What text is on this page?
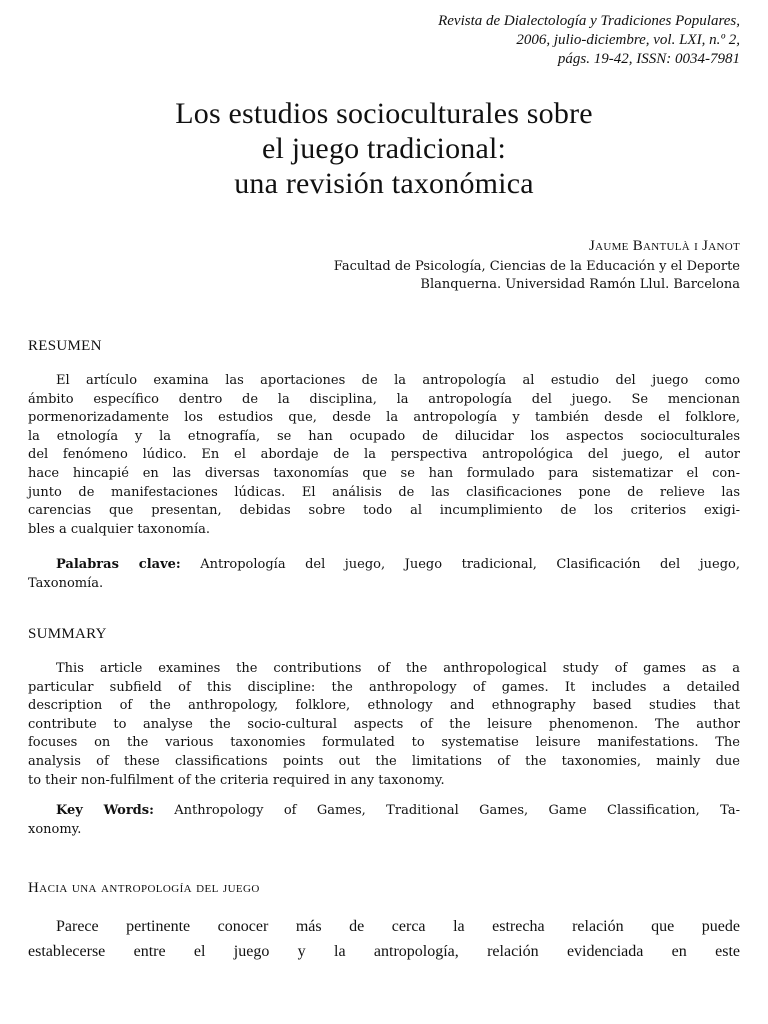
Revista de Dialectología y Tradiciones Populares,
2006, julio-diciembre, vol. LXI, n.º 2,
págs. 19-42, ISSN: 0034-7981
Los estudios socioculturales sobre
el juego tradicional:
una revisión taxonómica
Jaume Bantulà i Janot
Facultad de Psicología, Ciencias de la Educación y el Deporte
Blanquerna. Universidad Ramón Llul. Barcelona
RESUMEN
El artículo examina las aportaciones de la antropología al estudio del juego como
ámbito específico dentro de la disciplina, la antropología del juego. Se mencionan
pormenorizadamente los estudios que, desde la antropología y también desde el folklore,
la etnología y la etnografía, se han ocupado de dilucidar los aspectos socioculturales
del fenómeno lúdico. En el abordaje de la perspectiva antropológica del juego, el autor
hace hincapié en las diversas taxonomías que se han formulado para sistematizar el con-
junto de manifestaciones lúdicas. El análisis de las clasificaciones pone de relieve las
carencias que presentan, debidas sobre todo al incumplimiento de los criterios exigi-
bles a cualquier taxonomía.
Palabras clave: Antropología del juego, Juego tradicional, Clasificación del juego,
Taxonomía.
SUMMARY
This article examines the contributions of the anthropological study of games as a
particular subfield of this discipline: the anthropology of games. It includes a detailed
description of the anthropology, folklore, ethnology and ethnography based studies that
contribute to analyse the socio-cultural aspects of the leisure phenomenon. The author
focuses on the various taxonomies formulated to systematise leisure manifestations. The
analysis of these classifications points out the limitations of the taxonomies, mainly due
to their non-fulfilment of the criteria required in any taxonomy.
Key Words: Anthropology of Games, Traditional Games, Game Classification, Ta-
xonomy.
Hacia una antropología del juego
Parece pertinente conocer más de cerca la estrecha relación que puede
establecerse entre el juego y la antropología, relación evidenciada en este
